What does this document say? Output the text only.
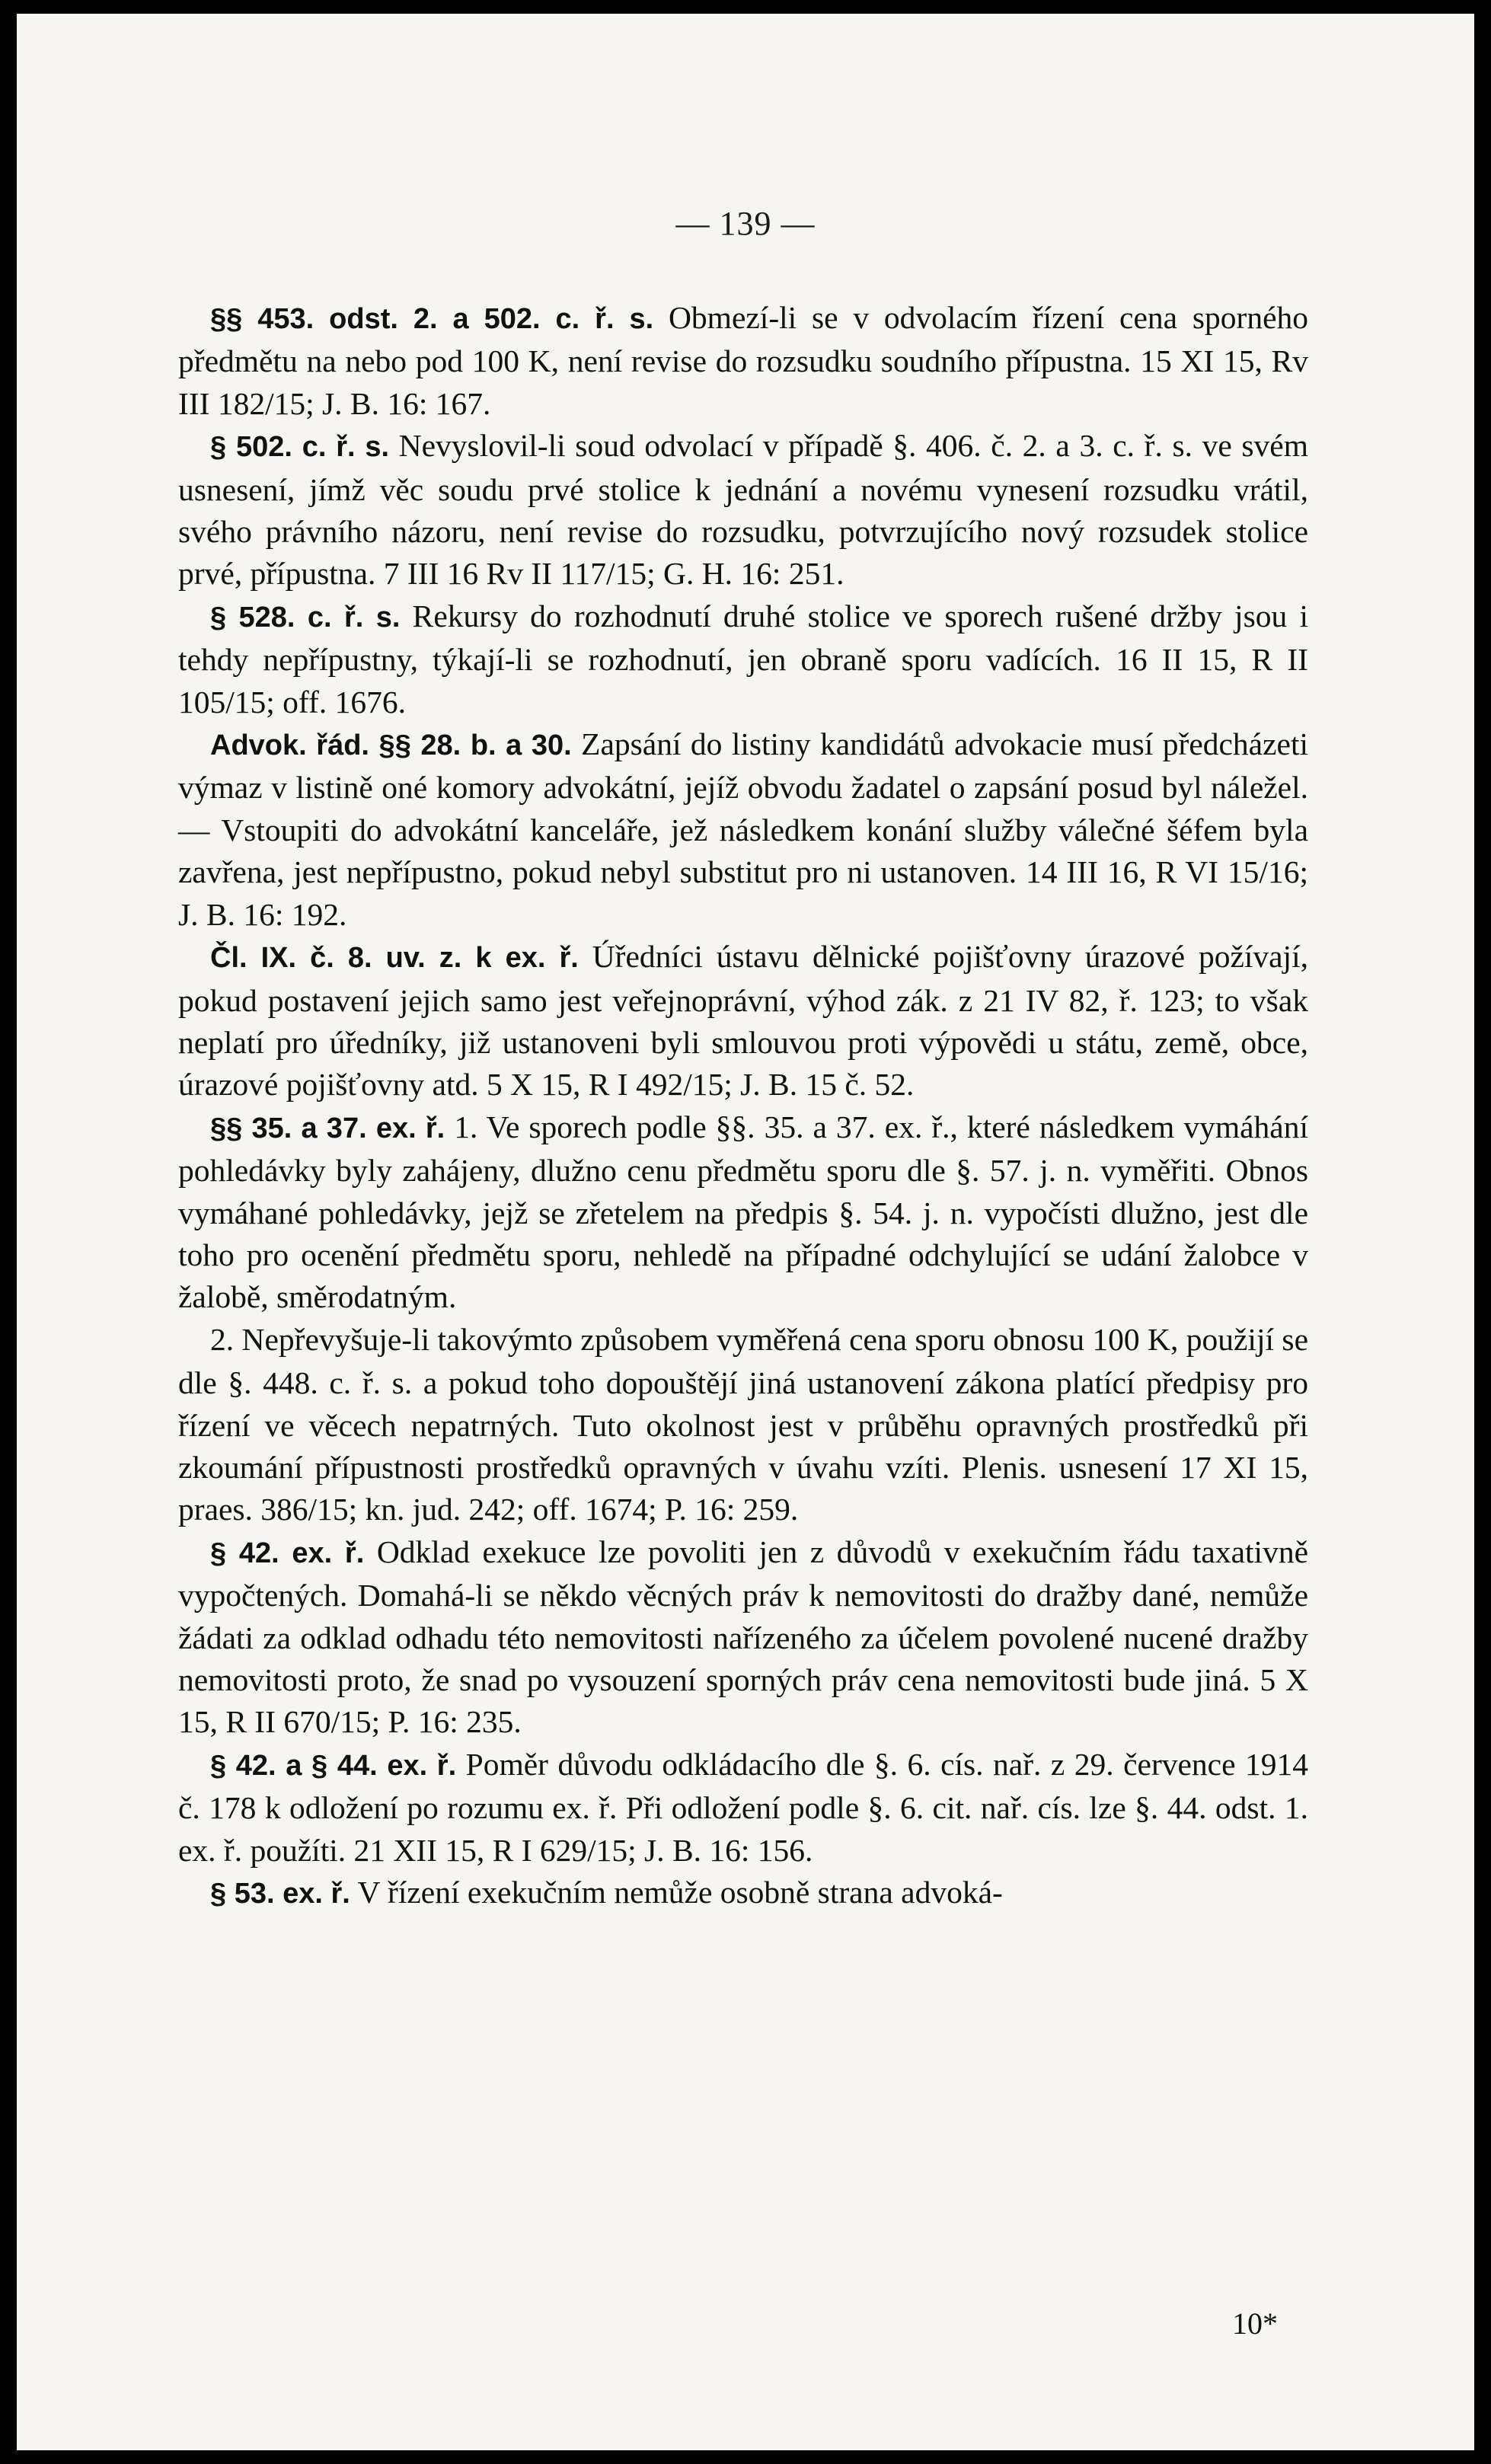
— 139 —

§§ 453. odst. 2. a 502. c. ř. s. Obmezí-li se v odvolacím řízení cena sporného předmětu na nebo pod 100 K, není revise do rozsudku soudního přípustna. 15 XI 15, Rv III 182/15; J. B. 16: 167.

§ 502. c. ř. s. Nevyslovil-li soud odvolací v případě §. 406. č. 2. a 3. c. ř. s. ve svém usnesení, jímž věc soudu prvé stolice k jednání a novému vynesení rozsudku vrátil, svého právního názoru, není revise do rozsudku, potvrzujícího nový rozsudek stolice prvé, přípustna. 7 III 16 Rv II 117/15; G. H. 16: 251.

§ 528. c. ř. s. Rekursy do rozhodnutí druhé stolice ve sporech rušené držby jsou i tehdy nepřípustny, týkají-li se rozhodnutí, jen obraně sporu vadících. 16 II 15, R II 105/15; off. 1676.

Advok. řád. §§ 28. b. a 30. Zapsání do listiny kandidátů advokacie musí předcházeti výmaz v listině oné komory advokátní, jejíž obvodu žadatel o zapsání posud byl náležel. — Vstoupiti do advokátní kanceláře, jež následkem konání služby válečné šéfem byla zavřena, jest nepřípustno, pokud nebyl substitut pro ni ustanoven. 14 III 16, R VI 15/16; J. B. 16: 192.

Čl. IX. č. 8. uv. z. k ex. ř. Úředníci ústavu dělnické pojišťovny úrazové požívají, pokud postavení jejich samo jest veřejnoprávní, výhod zák. z 21 IV 82, ř. 123; to však neplatí pro úředníky, již ustanoveni byli smlouvou proti výpovědi u státu, země, obce, úrazové pojišťovny atd. 5 X 15, R I 492/15; J. B. 15 č. 52.

§§ 35. a 37. ex. ř. 1. Ve sporech podle §§. 35. a 37. ex. ř., které následkem vymáhání pohledávky byly zahájeny, dlužno cenu předmětu sporu dle §. 57. j. n. vyměřiti. Obnos vymáhané pohledávky, jejž se zřetelem na předpis §. 54. j. n. vypočísti dlužno, jest dle toho pro ocenění předmětu sporu, nehledě na případné odchylující se udání žalobce v žalobě, směrodatným.

2. Nepřevyšuje-li takovýmto způsobem vyměřená cena sporu obnosu 100 K, použijí se dle §. 448. c. ř. s. a pokud toho dopouštějí jiná ustanovení zákona platící předpisy pro řízení ve věcech nepatrných. Tuto okolnost jest v průběhu opravných prostředků při zkoumání přípustnosti prostředků opravných v úvahu vzíti. Plenis. usnesení 17 XI 15, praes. 386/15; kn. jud. 242; off. 1674; P. 16: 259.

§ 42. ex. ř. Odklad exekuce lze povoliti jen z důvodů v exekučním řádu taxativně vypočtených. Domahá-li se někdo věcných práv k nemovitosti do dražby dané, nemůže žádati za odklad odhadu této nemovitosti nařízeného za účelem povolené nucené dražby nemovitosti proto, že snad po vysouzení sporných práv cena nemovitosti bude jiná. 5 X 15, R II 670/15; P. 16: 235.

§ 42. a § 44. ex. ř. Poměr důvodu odkládacího dle §. 6. cís. nař. z 29. července 1914 č. 178 k odložení po rozumu ex. ř. Při odložení podle §. 6. cit. nař. cís. lze §. 44. odst. 1. ex. ř. použíti. 21 XII 15, R I 629/15; J. B. 16: 156.

§ 53. ex. ř. V řízení exekučním nemůže osobně strana advoká-

10*
